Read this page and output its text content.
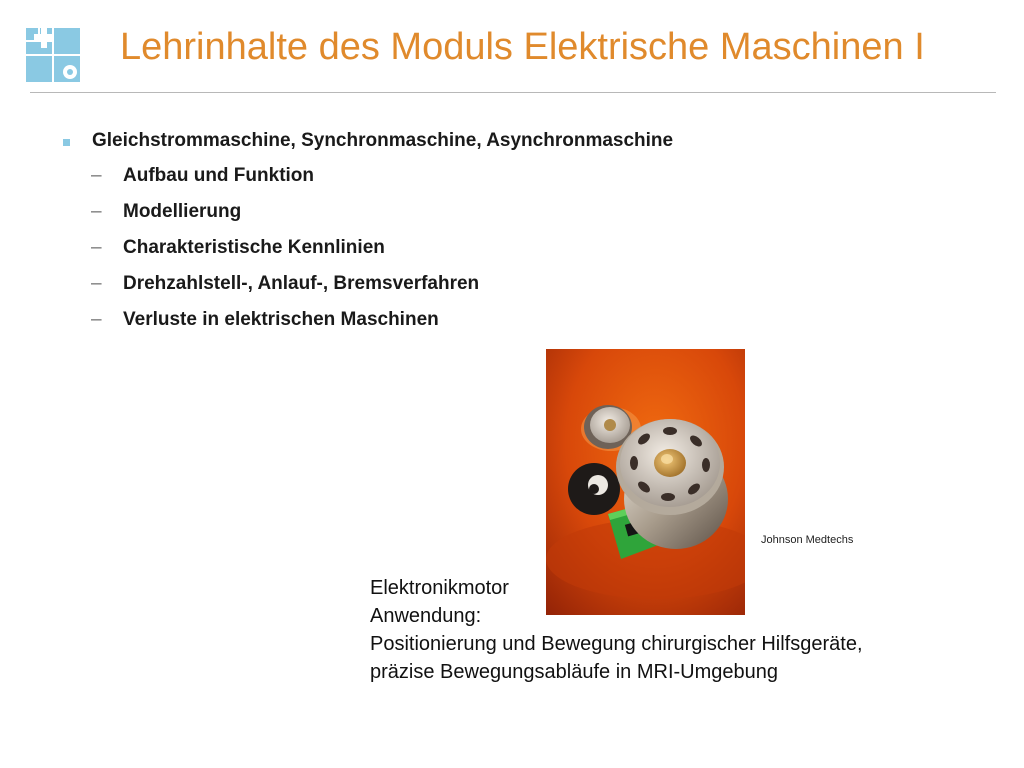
Lehrinhalte des Moduls Elektrische Maschinen I
Gleichstrommaschine, Synchronmaschine, Asynchronmaschine
– Aufbau und Funktion
– Modellierung
– Charakteristische Kennlinien
– Drehzahlstell-, Anlauf-, Bremsverfahren
– Verluste in elektrischen Maschinen
Johnson Medtechs
Elektronikmotor
Anwendung:
Positionierung und Bewegung chirurgischer Hilfsgeräte,
präzise Bewegungsabläufe in MRI-Umgebung
